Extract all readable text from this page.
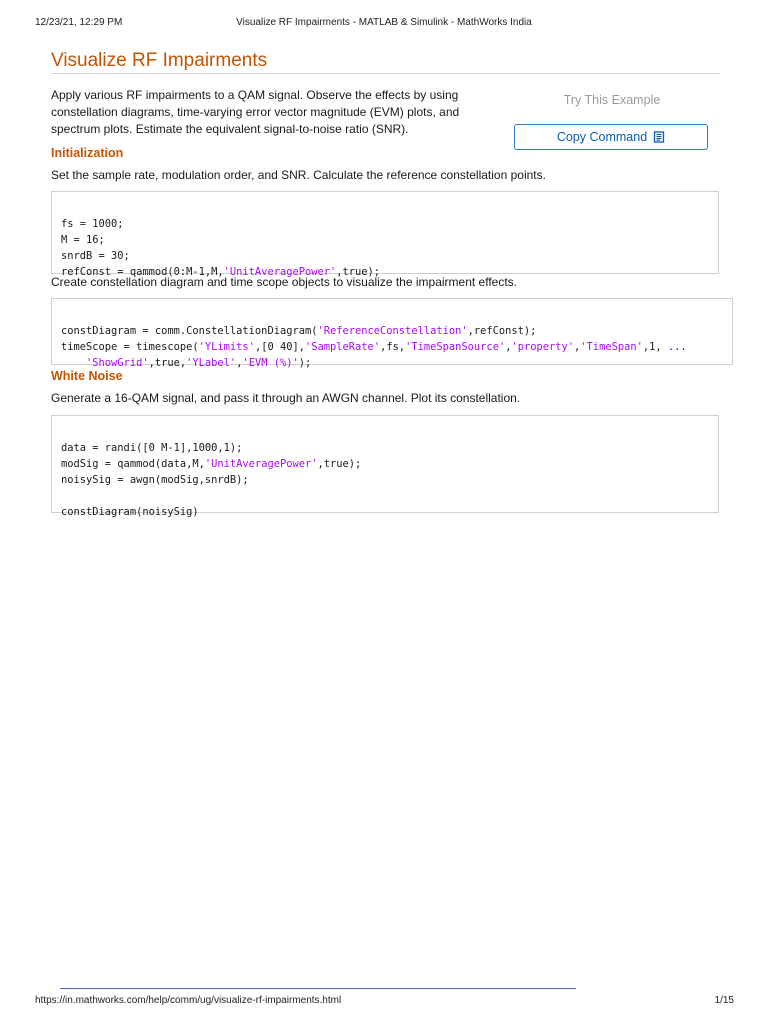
12/23/21, 12:29 PM	Visualize RF Impairments - MATLAB & Simulink - MathWorks India
Visualize RF Impairments

Apply various RF impairments to a QAM signal. Observe the effects by using constellation diagrams, time-varying error vector magnitude (EVM) plots, and spectrum plots. Estimate the equivalent signal-to-noise ratio (SNR).

Try This Example
Copy Command
Initialization

Set the sample rate, modulation order, and SNR. Calculate the reference constellation points.

fs = 1000;
M = 16;
snrdB = 30;
refConst = qammod(0:M-1,M,'UnitAveragePower',true);

Create constellation diagram and time scope objects to visualize the impairment effects.

constDiagram = comm.ConstellationDiagram('ReferenceConstellation',refConst);
timeScope = timescope('YLimits',[0 40],'SampleRate',fs,'TimeSpanSource','property','TimeSpan',1, ...
'ShowGrid',true,'YLabel','EVM (%)');

White Noise

Generate a 16-QAM signal, and pass it through an AWGN channel. Plot its constellation.

data = randi([0 M-1],1000,1);
modSig = qammod(data,M,'UnitAveragePower',true);
noisySig = awgn(modSig,snrdB);
constDiagram(noisySig)

https://in.mathworks.com/help/comm/ug/visualize-rf-impairments.html	1/15
